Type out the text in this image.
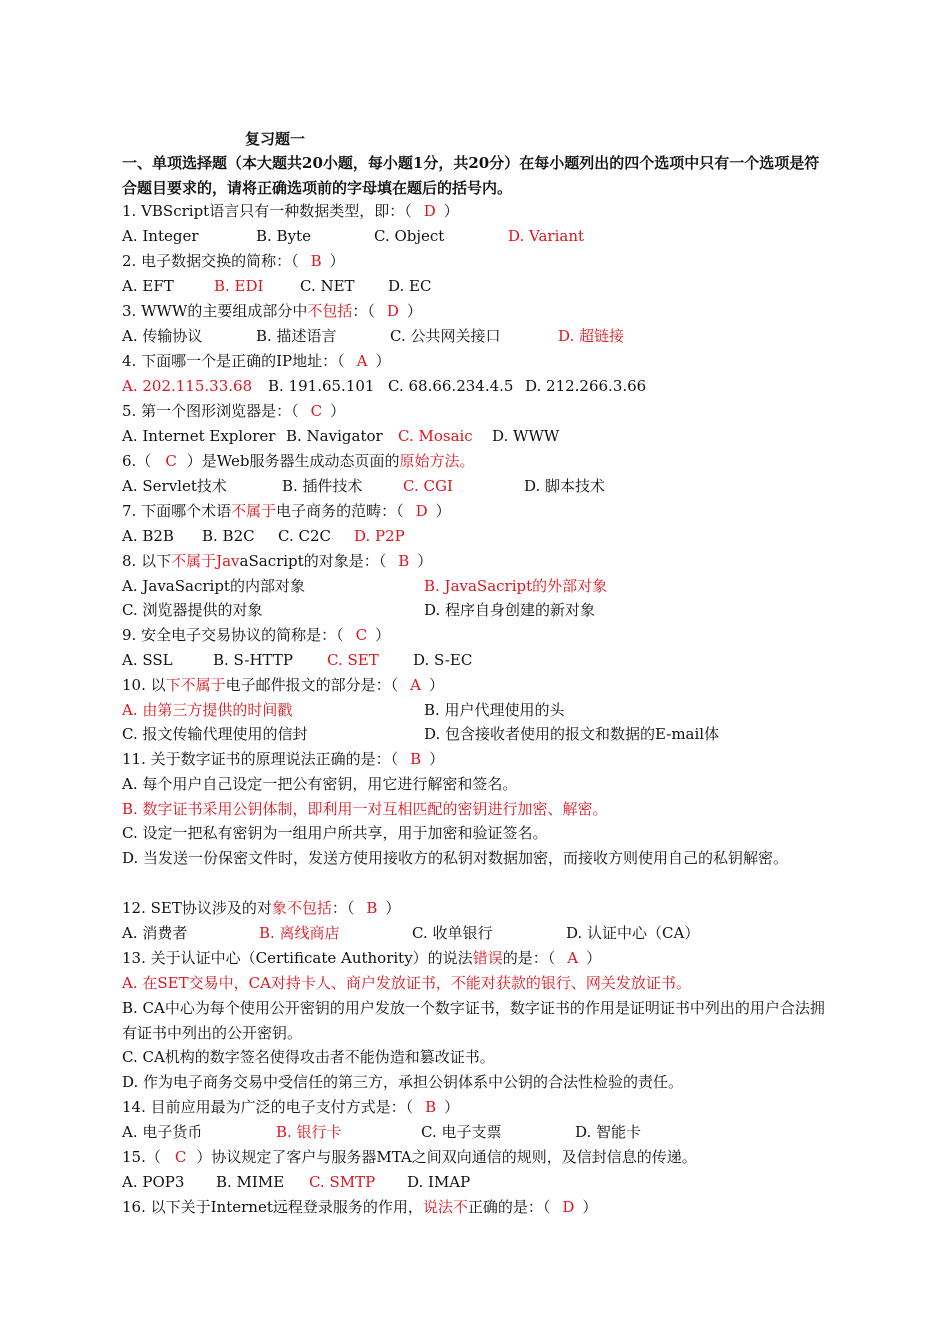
复习题一
一、单项选择题（本大题共20小题，每小题1分，共20分）在每小题列出的四个选项中只有一个选项是符合题目要求的，请将正确选项前的字母填在题后的括号内。
1. VBScript语言只有一种数据类型，即：（ D ）
A. Integer	B. Byte	C. Object	D. Variant
2. 电子数据交换的简称：（ B ）
A. EFT	B. EDI C. NET D. EC
3. WWW的主要组成部分中不包括：（ D ）
A. 传输协议	B. 描述语言	C. 公共网关接口	D. 超链接
4. 下面哪一个是正确的IP地址：（ A ）
A. 202.115.33.68 B. 191.65.101 C. 68.66.234.4.5 D. 212.266.3.66
5. 第一个图形浏览器是：（ C ）
A. Internet Explorer B. Navigator C. Mosaic D. WWW
6.（ C ）是Web服务器生成动态页面的原始方法。
A. Servlet技术	B. 插件技术	C. CGI	D. 脚本技术
7. 下面哪个术语不属于电子商务的范畴：（ D ）
A. B2B B. B2C C. C2C D. P2P
8. 以下不属于JavaSacript的对象是：（ B ）
A. JavaSacript的内部对象	B. JavaSacript的外部对象
C. 浏览器提供的对象	D. 程序自身创建的新对象
9. 安全电子交易协议的简称是：（ C ）
A. SSL	B. S-HTTP C. SET D. S-EC
10. 以下不属于电子邮件报文的部分是：（ A ）
A. 由第三方提供的时间戳	B. 用户代理使用的头
C. 报文传输代理使用的信封	D. 包含接收者使用的报文和数据的E-mail体
11. 关于数字证书的原理说法正确的是：（ B ）
A. 每个用户自己设定一把公有密钥，用它进行解密和签名。
B. 数字证书采用公钥体制，即利用一对互相匹配的密钥进行加密、解密。
C. 设定一把私有密钥为一组用户所共享，用于加密和验证签名。
D. 当发送一份保密文件时，发送方使用接收方的私钥对数据加密，而接收方则使用自己的私钥解密。
12. SET协议涉及的对象不包括：（ B ）
A. 消费者	B. 离线商店	C. 收单银行	D. 认证中心（CA）
13. 关于认证中心（Certificate Authority）的说法错误的是：（ A ）
A. 在SET交易中，CA对持卡人、商户发放证书，不能对获款的银行、网关发放证书。
B. CA中心为每个使用公开密钥的用户发放一个数字证书，数字证书的作用是证明证书中列出的用户合法拥有证书中列出的公开密钥。
C. CA机构的数字签名使得攻击者不能伪造和篡改证书。
D. 作为电子商务交易中受信任的第三方，承担公钥体系中公钥的合法性检验的责任。
14. 目前应用最为广泛的电子支付方式是：（ B ）
A. 电子货币	B. 银行卡	C. 电子支票	D. 智能卡
15.（ C ）协议规定了客户与服务器MTA之间双向通信的规则，及信封信息的传递。
A. POP3 B. MIME C. SMTP D. IMAP
16. 以下关于Internet远程登录服务的作用，说法不正确的是：（ D ）
